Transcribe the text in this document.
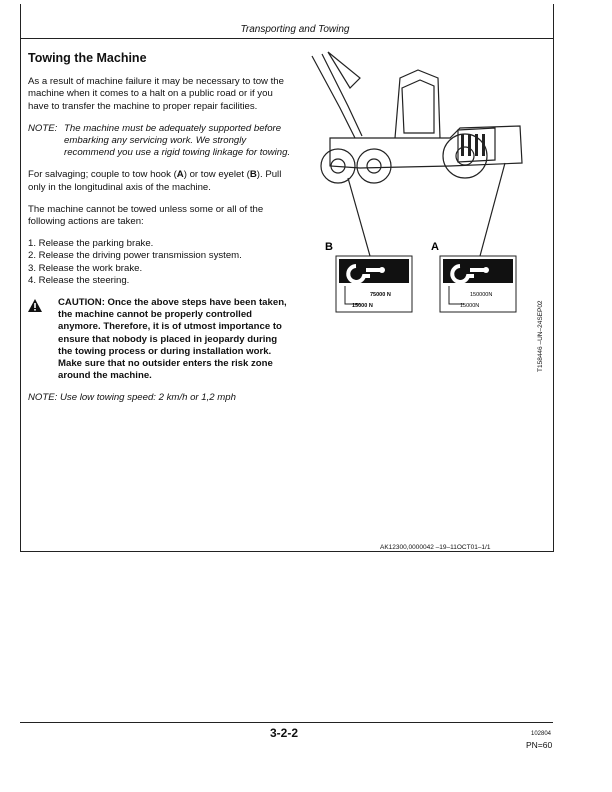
Transporting and Towing
Towing the Machine

As a result of machine failure it may be necessary to tow the machine when it comes to a halt on a public road or if you have to transfer the machine to proper repair facilities.

NOTE: The machine must be adequately supported before embarking any servicing work. We strongly recommend you use a rigid towing linkage for towing.

For salvaging; couple to tow hook (A) or tow eyelet (B). Pull only in the longitudinal axis of the machine.

The machine cannot be towed unless some or all of the following actions are taken:

1. Release the parking brake.
2. Release the driving power transmission system.
3. Release the work brake.
4. Release the steering.
CAUTION: Once the above steps have been taken, the machine cannot be properly controlled anymore. Therefore, it is of utmost importance to ensure that nobody is placed in jeopardy during the towing process or during installation work. Make sure that no outsider enters the risk zone around the machine.

NOTE: Use low towing speed: 2 km/h or 1,2 mph

B	A
75000 N
15000 N
150000N
15000N	T158446 –UN–24SEP02
AK12300,0000042 –19–11OCT01–1/1
3-2-2	102804
PN=60
